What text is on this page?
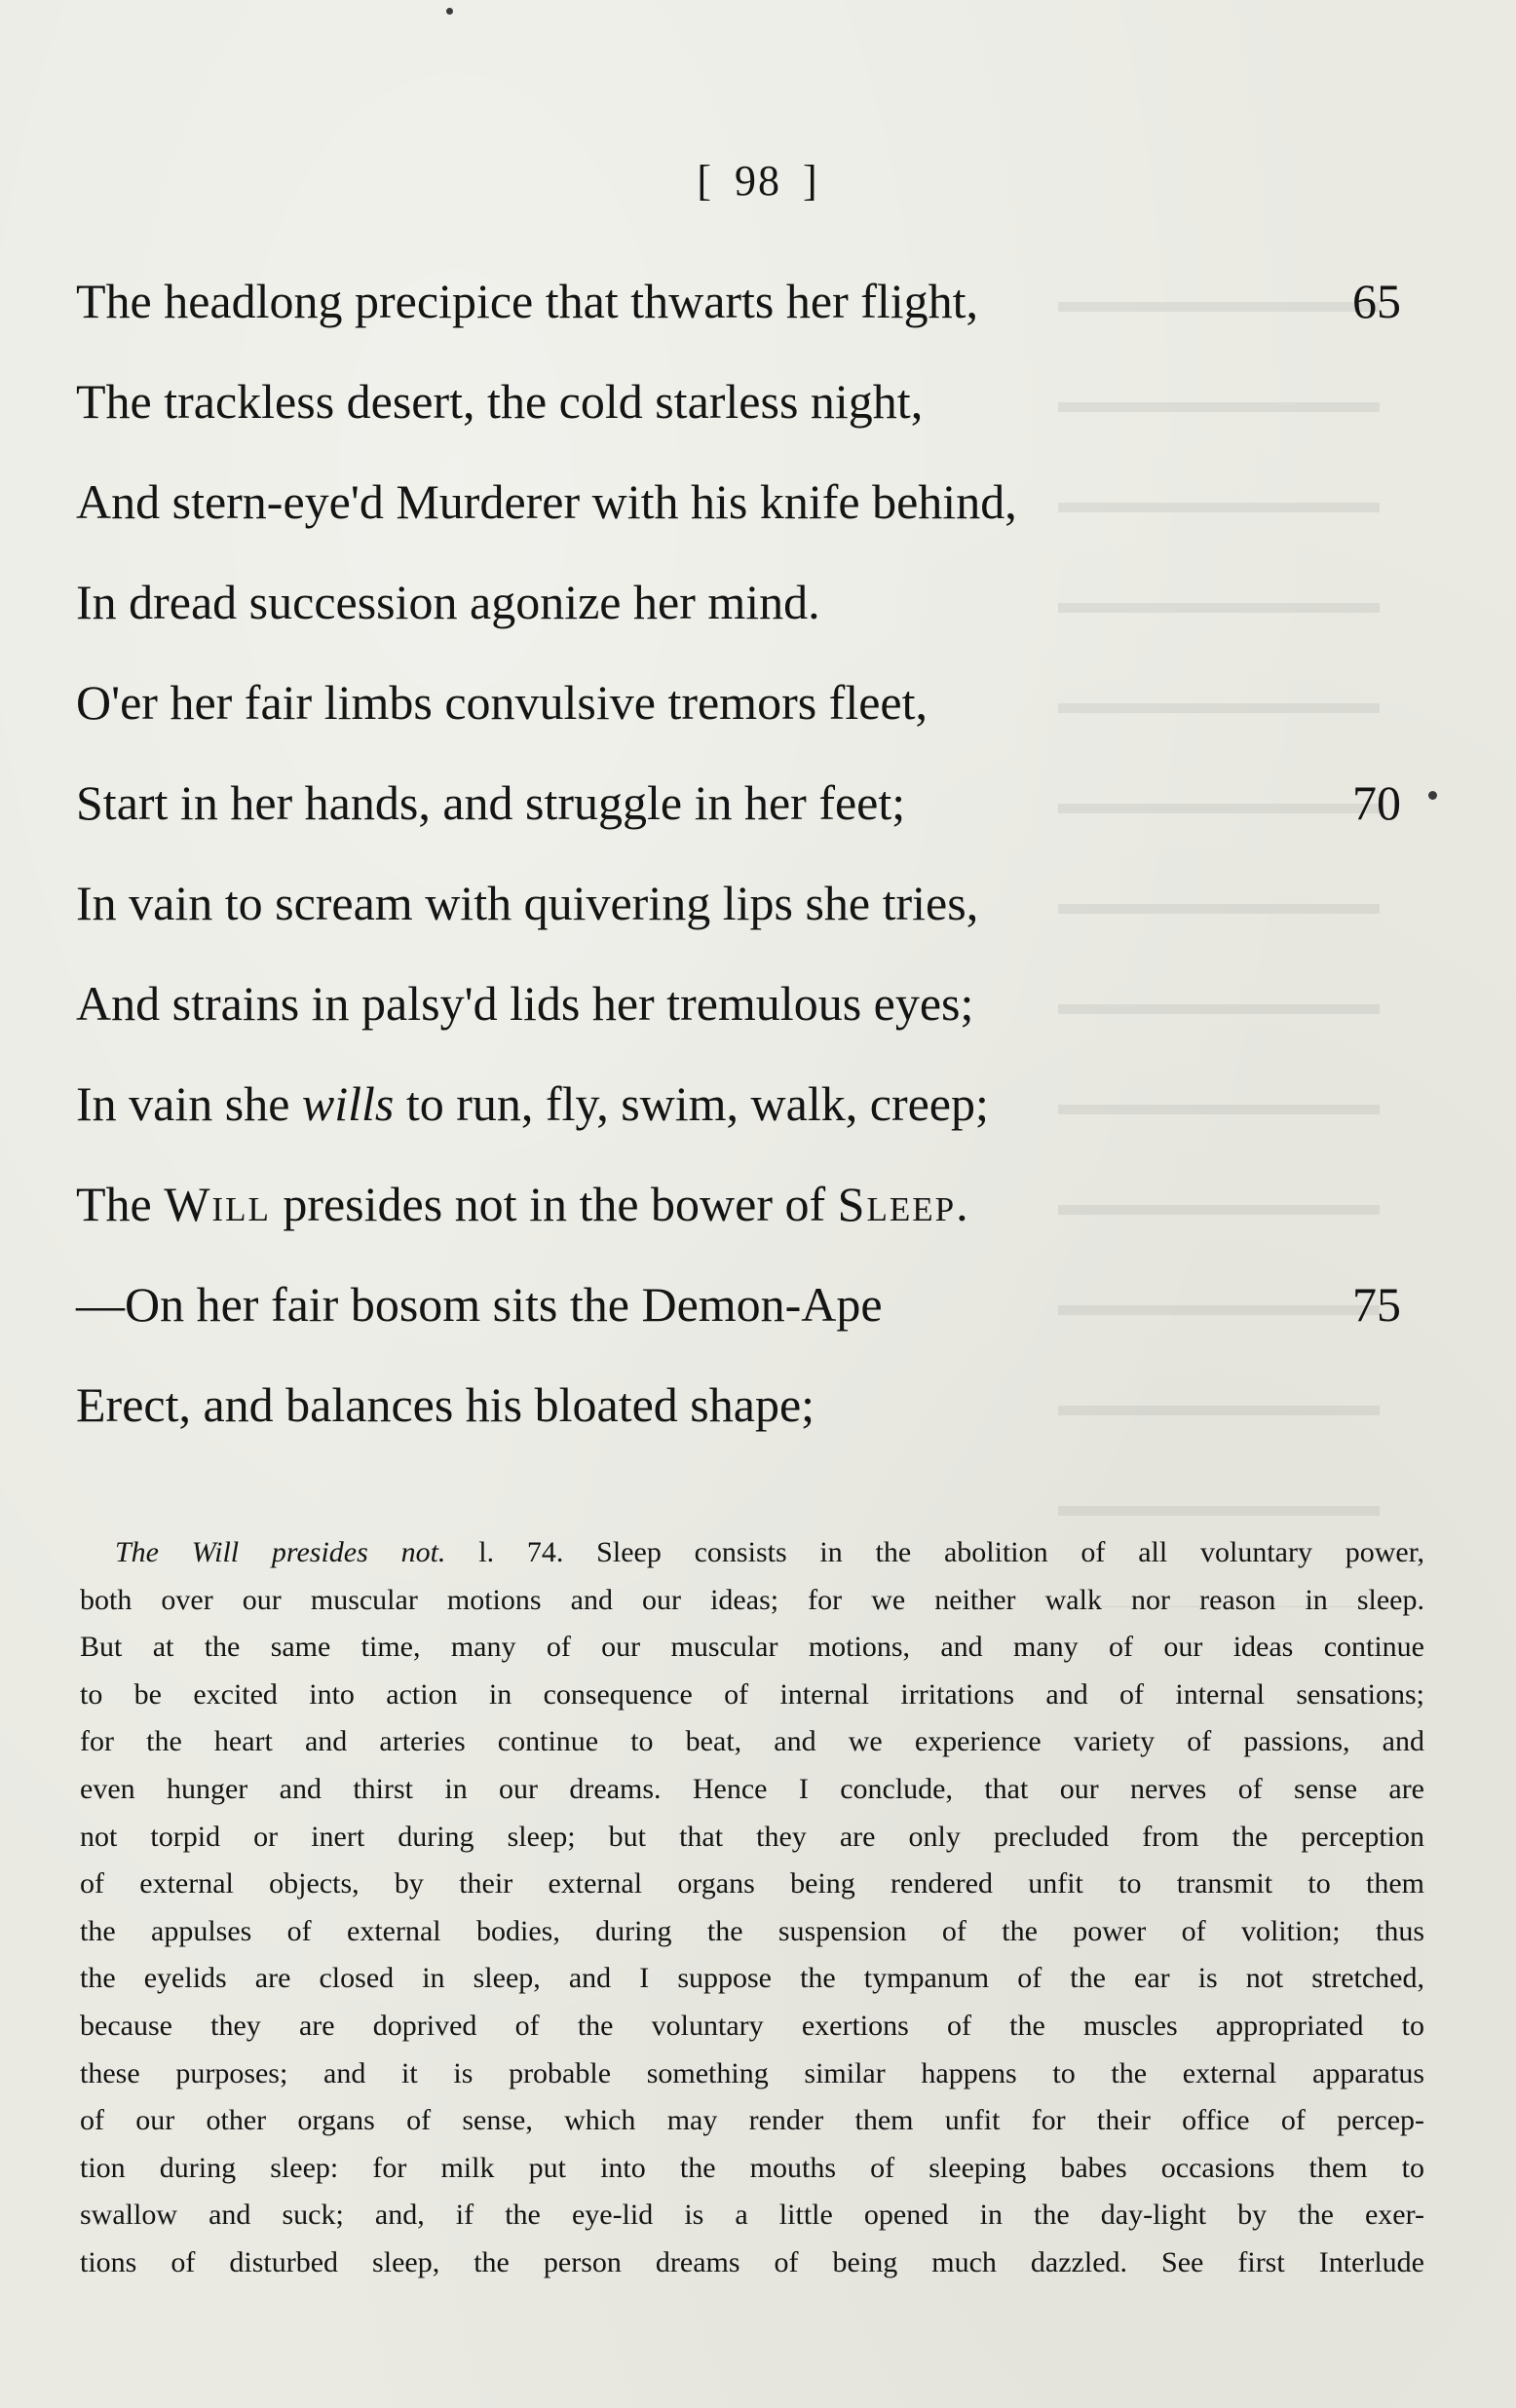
[ 98 ]
The headlong precipice that thwarts her flight,	65
The trackless desert, the cold starless night,
And stern-eye'd Murderer with his knife behind,
In dread succession agonize her mind.
O'er her fair limbs convulsive tremors fleet,
Start in her hands, and struggle in her feet;	70
In vain to scream with quivering lips she tries,
And strains in palsy'd lids her tremulous eyes;
In vain she wills to run, fly, swim, walk, creep;
The Will presides not in the bower of Sleep.
—On her fair bosom sits the Demon-Ape	75
Erect, and balances his bloated shape;
The Will presides not. l. 74. Sleep consists in the abolition of all voluntary power,
both over our muscular motions and our ideas; for we neither walk nor reason in sleep.
But at the same time, many of our muscular motions, and many of our ideas continue
to be excited into action in consequence of internal irritations and of internal sensations;
for the heart and arteries continue to beat, and we experience variety of passions, and
even hunger and thirst in our dreams. Hence I conclude, that our nerves of sense are
not torpid or inert during sleep; but that they are only precluded from the perception
of external objects, by their external organs being rendered unfit to transmit to them
the appulses of external bodies, during the suspension of the power of volition; thus
the eyelids are closed in sleep, and I suppose the tympanum of the ear is not stretched,
because they are doprived of the voluntary exertions of the muscles appropriated to
these purposes; and it is probable something similar happens to the external apparatus
of our other organs of sense, which may render them unfit for their office of percep-
tion during sleep: for milk put into the mouths of sleeping babes occasions them to
swallow and suck; and, if the eye-lid is a little opened in the day-light by the exer-
tions of disturbed sleep, the person dreams of being much dazzled. See first Interlude
